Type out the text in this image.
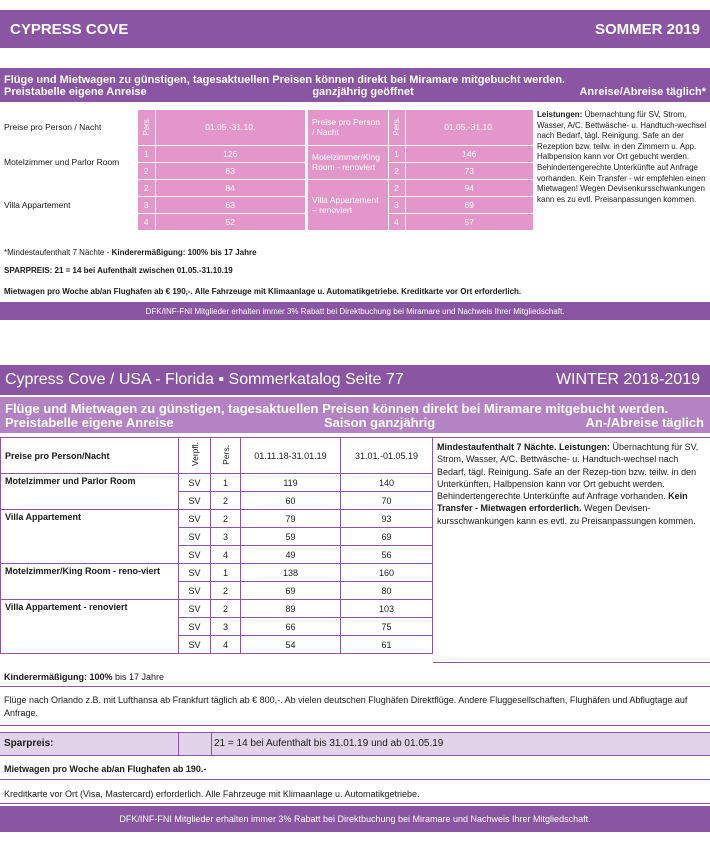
CYPRESS COVE	SOMMER 2019
Flüge und Mietwagen zu günstigen, tagesaktuellen Preisen können direkt bei Miramare mitgebucht werden.
Preistabelle eigene Anreise	ganzjährig geöffnet	Anreise/Abreise täglich*
Preise pro Person / Nacht	Pers.	01.05.-31.10.
Motelzimmer und Parlor Room	1	126
	2	63
Villa Appartement	2	84
	3	63
	4	52
Preise pro Person / Nacht	Pers.	01.05.-31.10.
Motelzimmer/King Room - renoviert	1	146
	2	73
Villa Appartement – renoviert	2	94
	3	69
	4	57
Leistungen: Übernachtung für SV, Strom, Wasser, A/C. Bettwäsche- u. Handtuch-wechsel nach Bedarf, tägl. Reinigung. Safe an der Rezeption bzw. teilw. in den Zimmern u. App. Halbpension kann vor Ort gebucht werden. Behindertengerechte Unterkünfte auf Anfrage vorhanden. Kein Transfer - wir empfehlen einen Mietwagen! Wegen Devisenkursschwankungen kann es zu evtl. Preisanpassungen kommen.
*Mindestaufenthalt 7 Nächte - Kinderermäßigung: 100% bis 17 Jahre
SPARPREIS: 21 = 14 bei Aufenthalt zwischen 01.05.-31.10.19
Mietwagen pro Woche ab/an Flughafen ab € 190,-. Alle Fahrzeuge mit Klimaanlage u. Automatikgetriebe. Kreditkarte vor Ort erforderlich.
DFK/INF-FNI Mitglieder erhalten immer 3% Rabatt bei Direktbuchung bei Miramare und Nachweis Ihrer Mitgliedschaft.
Cypress Cove / USA - Florida ▪ Sommerkatalog Seite 77	WINTER 2018-2019
Flüge und Mietwagen zu günstigen, tagesaktuellen Preisen können direkt bei Miramare mitgebucht werden.
Preistabelle eigene Anreise	Saison ganzjährig	An-/Abreise täglich
Preise pro Person/Nacht	Verpfl.	Pers.	01.11.18-31.01.19	31.01.-01.05.19
Motelzimmer und Parlor Room	SV	1	119	140
	SV	2	60	70
Villa Appartement	SV	2	79	93
	SV	3	59	69
	SV	4	49	56
Motelzimmer/King Room - reno-viert	SV	1	138	160
	SV	2	69	80
Villa Appartement - renoviert	SV	2	89	103
	SV	3	66	75
	SV	4	54	61
Mindestaufenthalt 7 Nächte. Leistungen: Übernachtung für SV, Strom, Wasser, A/C. Bettwäsche- u. Handtuch-wechsel nach Bedarf, tägl. Reinigung. Safe an der Rezep-tion bzw. teilw. in den Unterkünften, Halbpension kann vor Ort gebucht werden. Behindertengerechte Unterkünfte auf Anfrage vorhanden. Kein Transfer - Mietwagen erforderlich. Wegen Devisen-kursschwankungen kann es evtl. zu Preisanpassungen kommen.
Kinderermäßigung: 100% bis 17 Jahre
Flüge nach Orlando z.B. mit Lufthansa ab Frankfurt täglich ab € 800,-. Ab vielen deutschen Flughäfen Direktflüge. Andere Fluggesellschaften, Flughäfen und Abflugtage auf Anfrage.
Sparpreis:	21 = 14 bei Aufenthalt bis 31.01.19 und ab 01.05.19
Mietwagen pro Woche ab/an Flughafen ab 190.-
Kreditkarte vor Ort (Visa, Mastercard) erforderlich. Alle Fahrzeuge mit Klimaanlage u. Automatikgetriebe.
DFK/INF-FNI Mitglieder erhalten immer 3% Rabatt bei Direktbuchung bei Miramare und Nachweis Ihrer Mitgliedschaft.
